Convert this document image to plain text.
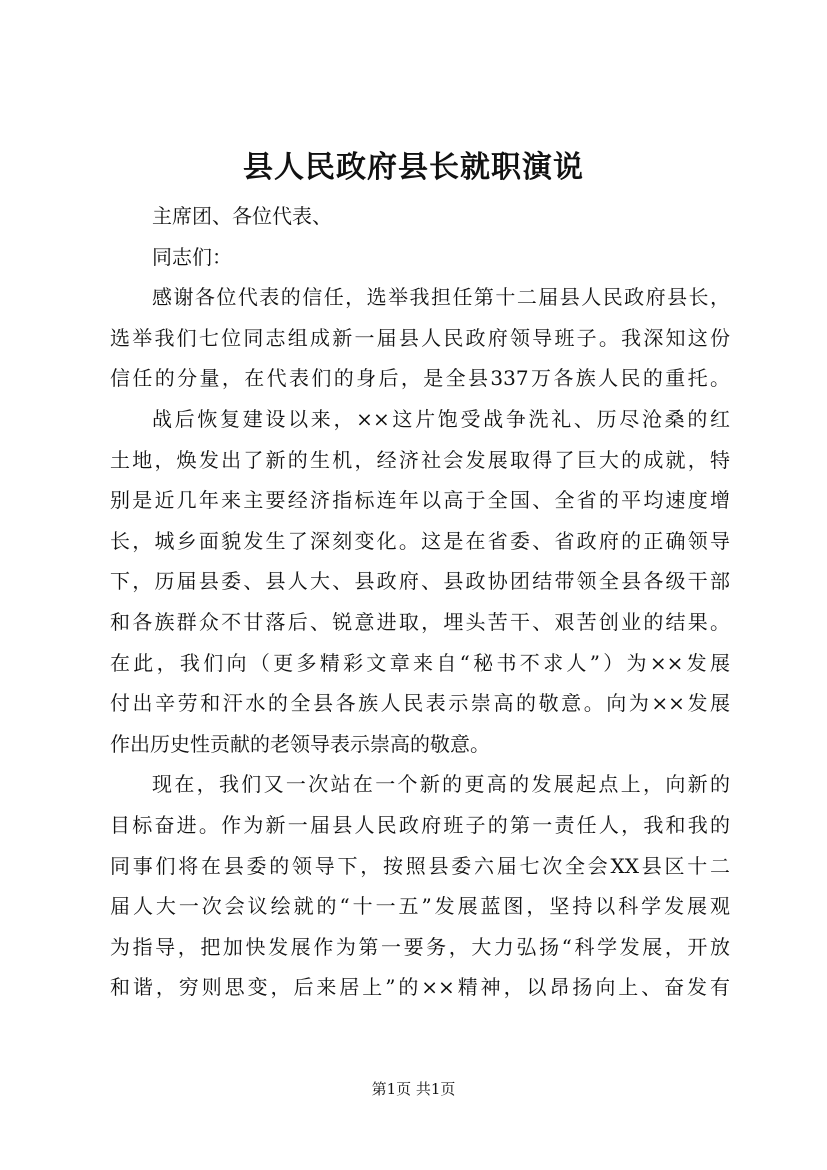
县人民政府县长就职演说
主席团、各位代表、
同志们：
感谢各位代表的信任，选举我担任第十二届县人民政府县长，
选举我们七位同志组成新一届县人民政府领导班子。我深知这份
信任的分量，在代表们的身后，是全县337万各族人民的重托。
战后恢复建设以来，××这片饱受战争洗礼、历尽沧桑的红
土地，焕发出了新的生机，经济社会发展取得了巨大的成就，特
别是近几年来主要经济指标连年以高于全国、全省的平均速度增
长，城乡面貌发生了深刻变化。这是在省委、省政府的正确领导
下，历届县委、县人大、县政府、县政协团结带领全县各级干部
和各族群众不甘落后、锐意进取，埋头苦干、艰苦创业的结果。
在此，我们向（更多精彩文章来自“秘书不求人”）为××发展
付出辛劳和汗水的全县各族人民表示崇高的敬意。向为××发展
作出历史性贡献的老领导表示崇高的敬意。
现在，我们又一次站在一个新的更高的发展起点上，向新的
目标奋进。作为新一届县人民政府班子的第一责任人，我和我的
同事们将在县委的领导下，按照县委六届七次全会XX县区十二
届人大一次会议绘就的“十一五”发展蓝图，坚持以科学发展观
为指导，把加快发展作为第一要务，大力弘扬“科学发展，开放
和谐，穷则思变，后来居上”的××精神，以昂扬向上、奋发有
第1页 共1页
